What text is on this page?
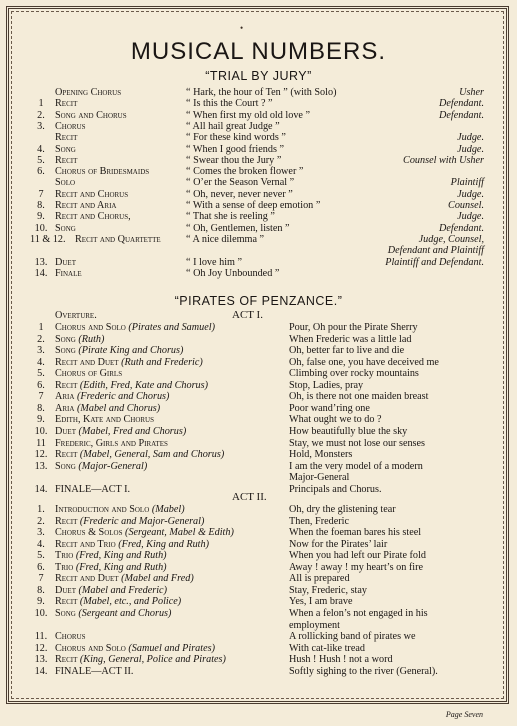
•
MUSICAL NUMBERS.
“TRIAL BY JURY”
Opening Chorus	“ Hark, the hour of Ten ” (with Solo)	Usher
1	Recit	“ Is this the Court ? ”	Defendant.
2. Song and Chorus	“ When first my old old love ”	Defendant.
3. Chorus	“ All hail great Judge ”
Recit	“ For these kind words ”	Judge.
4. Song	“ When I good friends ”	Judge.
5. Recit	“ Swear thou the Jury ”	Counsel with Usher
6. Chorus of Bridesmaids	“ Comes the broken flower ”
Solo	“ O’er the Season Vernal ”	Plaintiff
7	Recit and Chorus	“ Oh, never, never never ”	Judge.
8. Recit and Aria	“ With a sense of deep emotion ”	Counsel.
9. Recit and Chorus,	“ That she is reeling ”	Judge.
10. Song	“ Oh, Gentlemen, listen ”	Defendant.
11 & 12. Recit and Quartette “ A nice dilemma ”	Judge, Counsel,
Defendant and Plaintiff
13. Duet	“ I love him ”	Plaintiff and Defendant.
14. Finale	“ Oh Joy Unbounded ”
“PIRATES OF PENZANCE.”
Overture.	ACT I.
1	Chorus and Solo (Pirates and Samuel)	Pour, Oh pour the Pirate Sherry
2. Song (Ruth)	When Frederic was a little lad
3. Song (Pirate King and Chorus)	Oh, better far to live and die
4. Recit and Duet (Ruth and Frederic)	Oh, false one, you have deceived me
5. Chorus of Girls	Climbing over rocky mountains
6. Recit (Edith, Fred, Kate and Chorus)	Stop, Ladies, pray
7	Aria (Frederic and Chorus)	Oh, is there not one maiden breast
8. Aria (Mabel and Chorus)	Poor wand’ring one
9. Edith, Kate and Chorus	What ought we to do ?
10. Duet (Mabel, Fred and Chorus)	How beautifully blue the sky
11 Frederic, Girls and Pirates	Stay, we must not lose our senses
12. Recit (Mabel, General, Sam and Chorus)	Hold, Monsters
13. Song (Major-General)	I am the very model of a modern
Major-General
14. FINALE—ACT I.	Principals and Chorus.
ACT II.
1. Introduction and Solo (Mabel)	Oh, dry the glistening tear
2. Recit (Frederic and Major-General)	Then, Frederic
3. Chorus & Solos (Sergeant, Mabel & Edith)	When the foeman bares his steel
4. Recit and Trio (Fred, King and Ruth)	Now for the Pirates’ lair
5. Trio (Fred, King and Ruth)	When you had left our Pirate fold
6. Trio (Fred, King and Ruth)	Away ! away ! my heart’s on fire
7	Recit and Duet (Mabel and Fred)	All is prepared
8. Duet (Mabel and Frederic)	Stay, Frederic, stay
9. Recit (Mabel, etc., and Police)	Yes, I am brave
10. Song (Sergeant and Chorus)	When a felon’s not engaged in his
employment
11. Chorus	A rollicking band of pirates we
12. Chorus and Solo (Samuel and Pirates)	With cat-like tread
13. Recit (King, General, Police and Pirates)	Hush ! Hush ! not a word
14. FINALE—ACT II.	Softly sighing to the river (General).
Page Seven
